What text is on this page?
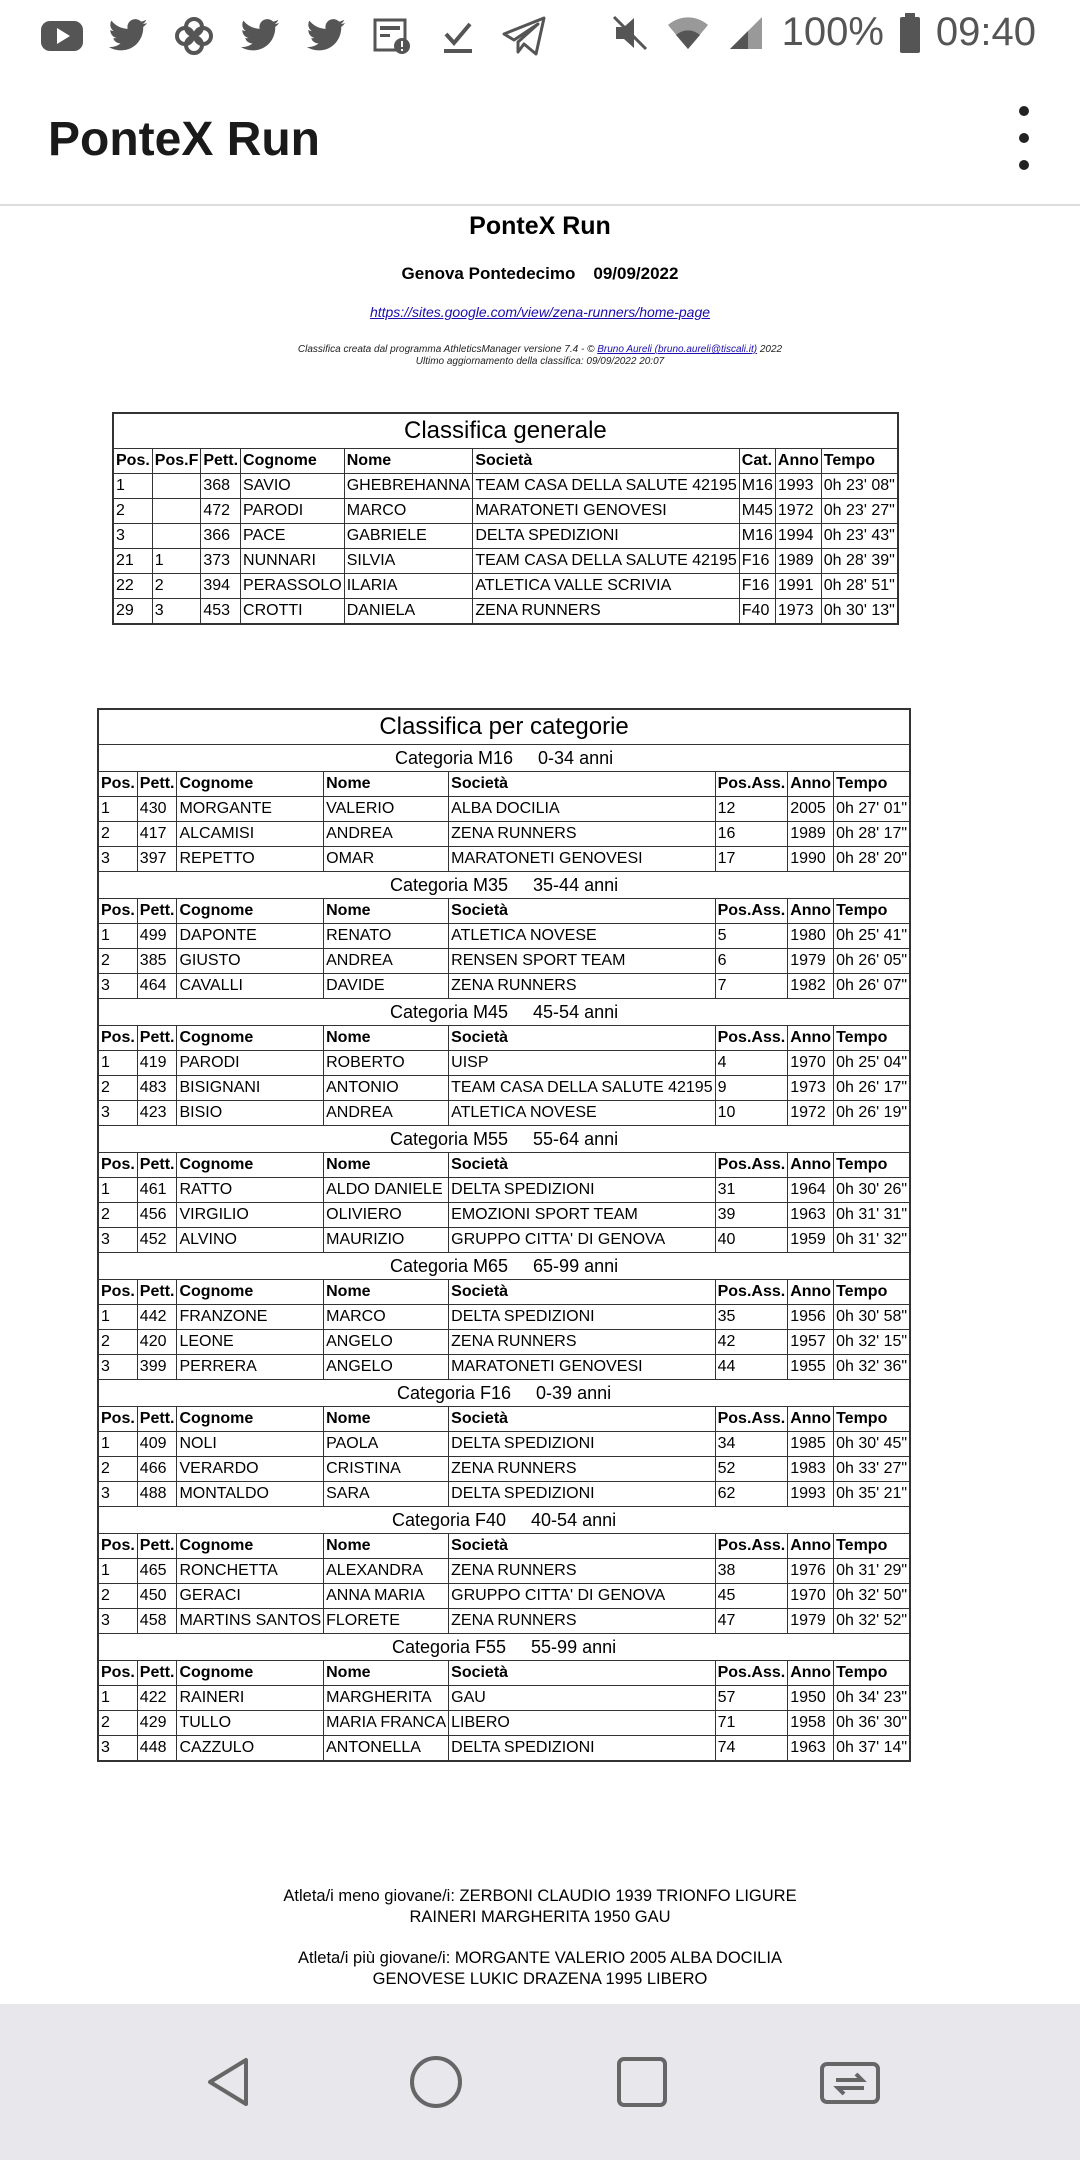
100% 09:40
PonteX Run
PonteX Run
Genova Pontedecimo 09/09/2022
https://sites.google.com/view/zena-runners/home-page
Classifica creata dal programma AthleticsManager versione 7.4 - © Bruno Aureli (bruno.aureli@tiscali.it) 2022
Ultimo aggiornamento della classifica: 09/09/2022 20:07
Classifica generale								
Pos.	Pos.F	Pett.	Cognome	Nome	Società	Cat.	Anno	Tempo
1		368	SAVIO	GHEBREHANNA	TEAM CASA DELLA SALUTE 42195	M16	1993	0h 23' 08"
2		472	PARODI	MARCO	MARATONETI GENOVESI	M45	1972	0h 23' 27"
3		366	PACE	GABRIELE	DELTA SPEDIZIONI	M16	1994	0h 23' 43"
21	1	373	NUNNARI	SILVIA	TEAM CASA DELLA SALUTE 42195	F16	1989	0h 28' 39"
22	2	394	PERASSOLO	ILARIA	ATLETICA VALLE SCRIVIA	F16	1991	0h 28' 51"
29	3	453	CROTTI	DANIELA	ZENA RUNNERS	F40	1973	0h 30' 13"
Classifica per categorie							
Categoria M16     0-34 anni							
Pos.	Pett.	Cognome	Nome	Società	Pos.Ass.	Anno	Tempo
1	430	MORGANTE	VALERIO	ALBA DOCILIA	12	2005	0h 27' 01"
2	417	ALCAMISI	ANDREA	ZENA RUNNERS	16	1989	0h 28' 17"
3	397	REPETTO	OMAR	MARATONETI GENOVESI	17	1990	0h 28' 20"
Categoria M35     35-44 anni							
Pos.	Pett.	Cognome	Nome	Società	Pos.Ass.	Anno	Tempo
1	499	DAPONTE	RENATO	ATLETICA NOVESE	5	1980	0h 25' 41"
2	385	GIUSTO	ANDREA	RENSEN SPORT TEAM	6	1979	0h 26' 05"
3	464	CAVALLI	DAVIDE	ZENA RUNNERS	7	1982	0h 26' 07"
Categoria M45     45-54 anni							
Pos.	Pett.	Cognome	Nome	Società	Pos.Ass.	Anno	Tempo
1	419	PARODI	ROBERTO	UISP	4	1970	0h 25' 04"
2	483	BISIGNANI	ANTONIO	TEAM CASA DELLA SALUTE 42195	9	1973	0h 26' 17"
3	423	BISIO	ANDREA	ATLETICA NOVESE	10	1972	0h 26' 19"
Categoria M55     55-64 anni							
Pos.	Pett.	Cognome	Nome	Società	Pos.Ass.	Anno	Tempo
1	461	RATTO	ALDO DANIELE	DELTA SPEDIZIONI	31	1964	0h 30' 26"
2	456	VIRGILIO	OLIVIERO	EMOZIONI SPORT TEAM	39	1963	0h 31' 31"
3	452	ALVINO	MAURIZIO	GRUPPO CITTA' DI GENOVA	40	1959	0h 31' 32"
Categoria M65     65-99 anni							
Pos.	Pett.	Cognome	Nome	Società	Pos.Ass.	Anno	Tempo
1	442	FRANZONE	MARCO	DELTA SPEDIZIONI	35	1956	0h 30' 58"
2	420	LEONE	ANGELO	ZENA RUNNERS	42	1957	0h 32' 15"
3	399	PERRERA	ANGELO	MARATONETI GENOVESI	44	1955	0h 32' 36"
Categoria F16     0-39 anni							
Pos.	Pett.	Cognome	Nome	Società	Pos.Ass.	Anno	Tempo
1	409	NOLI	PAOLA	DELTA SPEDIZIONI	34	1985	0h 30' 45"
2	466	VERARDO	CRISTINA	ZENA RUNNERS	52	1983	0h 33' 27"
3	488	MONTALDO	SARA	DELTA SPEDIZIONI	62	1993	0h 35' 21"
Categoria F40     40-54 anni							
Pos.	Pett.	Cognome	Nome	Società	Pos.Ass.	Anno	Tempo
1	465	RONCHETTA	ALEXANDRA	ZENA RUNNERS	38	1976	0h 31' 29"
2	450	GERACI	ANNA MARIA	GRUPPO CITTA' DI GENOVA	45	1970	0h 32' 50"
3	458	MARTINS SANTOS	FLORETE	ZENA RUNNERS	47	1979	0h 32' 52"
Categoria F55     55-99 anni							
Pos.	Pett.	Cognome	Nome	Società	Pos.Ass.	Anno	Tempo
1	422	RAINERI	MARGHERITA	GAU	57	1950	0h 34' 23"
2	429	TULLO	MARIA FRANCA	LIBERO	71	1958	0h 36' 30"
3	448	CAZZULO	ANTONELLA	DELTA SPEDIZIONI	74	1963	0h 37' 14"
Atleta/i meno giovane/i: ZERBONI CLAUDIO 1939 TRIONFO LIGURE
RAINERI MARGHERITA 1950 GAU
Atleta/i più giovane/i: MORGANTE VALERIO 2005 ALBA DOCILIA
GENOVESE LUKIC DRAZENA 1995 LIBERO
